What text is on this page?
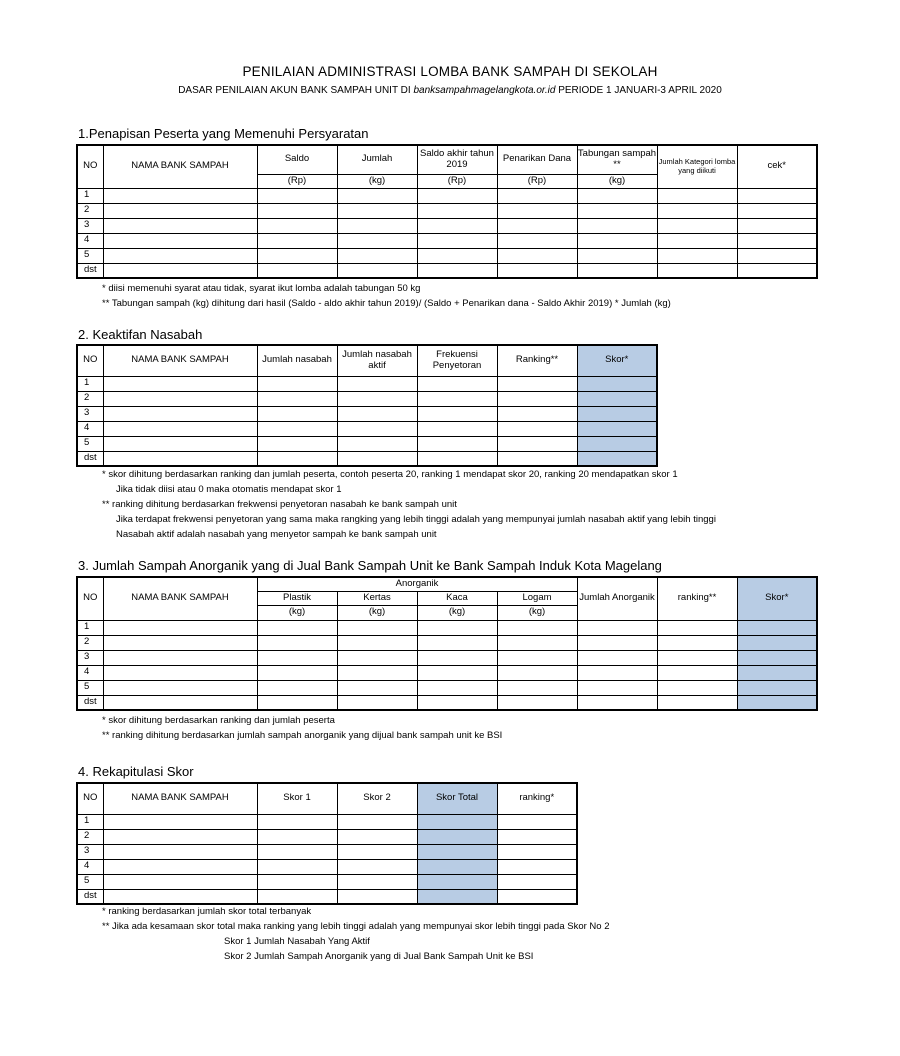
PENILAIAN ADMINISTRASI LOMBA BANK SAMPAH DI SEKOLAH
DASAR PENILAIAN AKUN BANK SAMPAH UNIT DI banksampahmagelangkota.or.id PERIODE 1 JANUARI-3 APRIL 2020
1.Penapisan Peserta yang Memenuhi Persyaratan
NO	NAMA BANK SAMPAH	Saldo	Jumlah	Saldo akhir tahun 2019	Penarikan Dana	Tabungan sampah **	Jumlah Kategori lomba yang diikuti	cek*
		(Rp)	(kg)	(Rp)	(Rp)	(kg)		
1								
2								
3								
4								
5								
dst								
* diisi memenuhi syarat atau tidak, syarat ikut lomba adalah tabungan 50 kg
** Tabungan sampah (kg) dihitung dari hasil (Saldo - aldo akhir tahun 2019)/ (Saldo + Penarikan dana - Saldo Akhir 2019) * Jumlah (kg)
2. Keaktifan Nasabah
NO	NAMA BANK SAMPAH	Jumlah nasabah	Jumlah nasabah aktif	Frekuensi Penyetoran	Ranking**	Skor*
1						
2						
3						
4						
5						
dst						
* skor dihitung berdasarkan ranking dan jumlah peserta, contoh peserta 20, ranking 1 mendapat skor 20, ranking 20 mendapatkan skor 1
Jika tidak diisi atau 0 maka otomatis mendapat skor 1
** ranking dihitung berdasarkan frekwensi penyetoran nasabah ke bank sampah unit
Jika terdapat frekwensi penyetoran yang sama maka rangking yang lebih tinggi adalah yang mempunyai jumlah nasabah aktif yang lebih tinggi
Nasabah aktif adalah nasabah yang menyetor sampah ke bank sampah unit
3. Jumlah Sampah Anorganik yang di Jual Bank Sampah Unit ke Bank Sampah Induk Kota Magelang
NO	NAMA BANK SAMPAH	Anorganik				Jumlah Anorganik	ranking**	Skor*
		Plastik	Kertas	Kaca	Logam			
		(kg)	(kg)	(kg)	(kg)			
1								
2								
3								
4								
5								
dst								
* skor dihitung berdasarkan ranking dan jumlah peserta
** ranking dihitung berdasarkan jumlah sampah anorganik yang dijual bank sampah unit ke BSI
4. Rekapitulasi Skor
NO	NAMA BANK SAMPAH	Skor 1	Skor 2	Skor Total	ranking*
1					
2					
3					
4					
5					
dst					
* ranking berdasarkan jumlah skor total terbanyak
** Jika ada kesamaan skor total maka ranking yang lebih tinggi adalah yang mempunyai skor lebih tinggi pada Skor No 2
Skor 1 Jumlah Nasabah Yang Aktif
Skor 2 Jumlah Sampah Anorganik yang di Jual Bank Sampah Unit ke BSI
